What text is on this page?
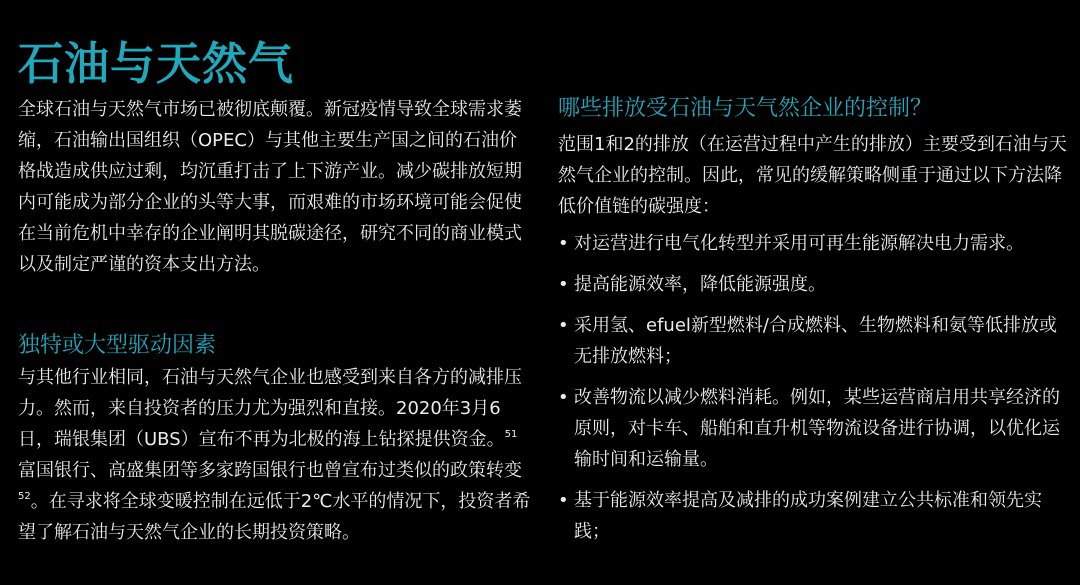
石油与天然气

全球石油与天然气市场已被彻底颠覆。新冠疫情导致全球需求萎缩，石油输出国组织（OPEC）与其他主要生产国之间的石油价格战造成供应过剩，均沉重打击了上下游产业。减少碳排放短期内可能成为部分企业的头等大事，而艰难的市场环境可能会促使在当前危机中幸存的企业阐明其脱碳途径，研究不同的商业模式以及制定严谨的资本支出方法。

独特或大型驱动因素

与其他行业相同，石油与天然气企业也感受到来自各方的减排压力。然而，来自投资者的压力尤为强烈和直接。2020年3月6日，瑞银集团（UBS）宣布不再为北极的海上钻探提供资金。$^{51}$富国银行、高盛集团等多家跨国银行也曾宣布过类似的政策转变$^{52}$。在寻求将全球变暖控制在远低于2℃水平的情况下，投资者希望了解石油与天然气企业的长期投资策略。

哪些排放受石油与天气然企业的控制？

范围1和2的排放（在运营过程中产生的排放）主要受到石油与天然气企业的控制。因此，常见的缓解策略侧重于通过以下方法降低价值链的碳强度：

• 对运营进行电气化转型并采用可再生能源解决电力需求。
• 提高能源效率，降低能源强度。
• 采用氢、efuel新型燃料/合成燃料、生物燃料和氨等低排放或无排放燃料；
• 改善物流以减少燃料消耗。例如，某些运营商启用共享经济的原则，对卡车、船舶和直升机等物流设备进行协调，以优化运输时间和运输量。
• 基于能源效率提高及减排的成功案例建立公共标准和领先实践；
